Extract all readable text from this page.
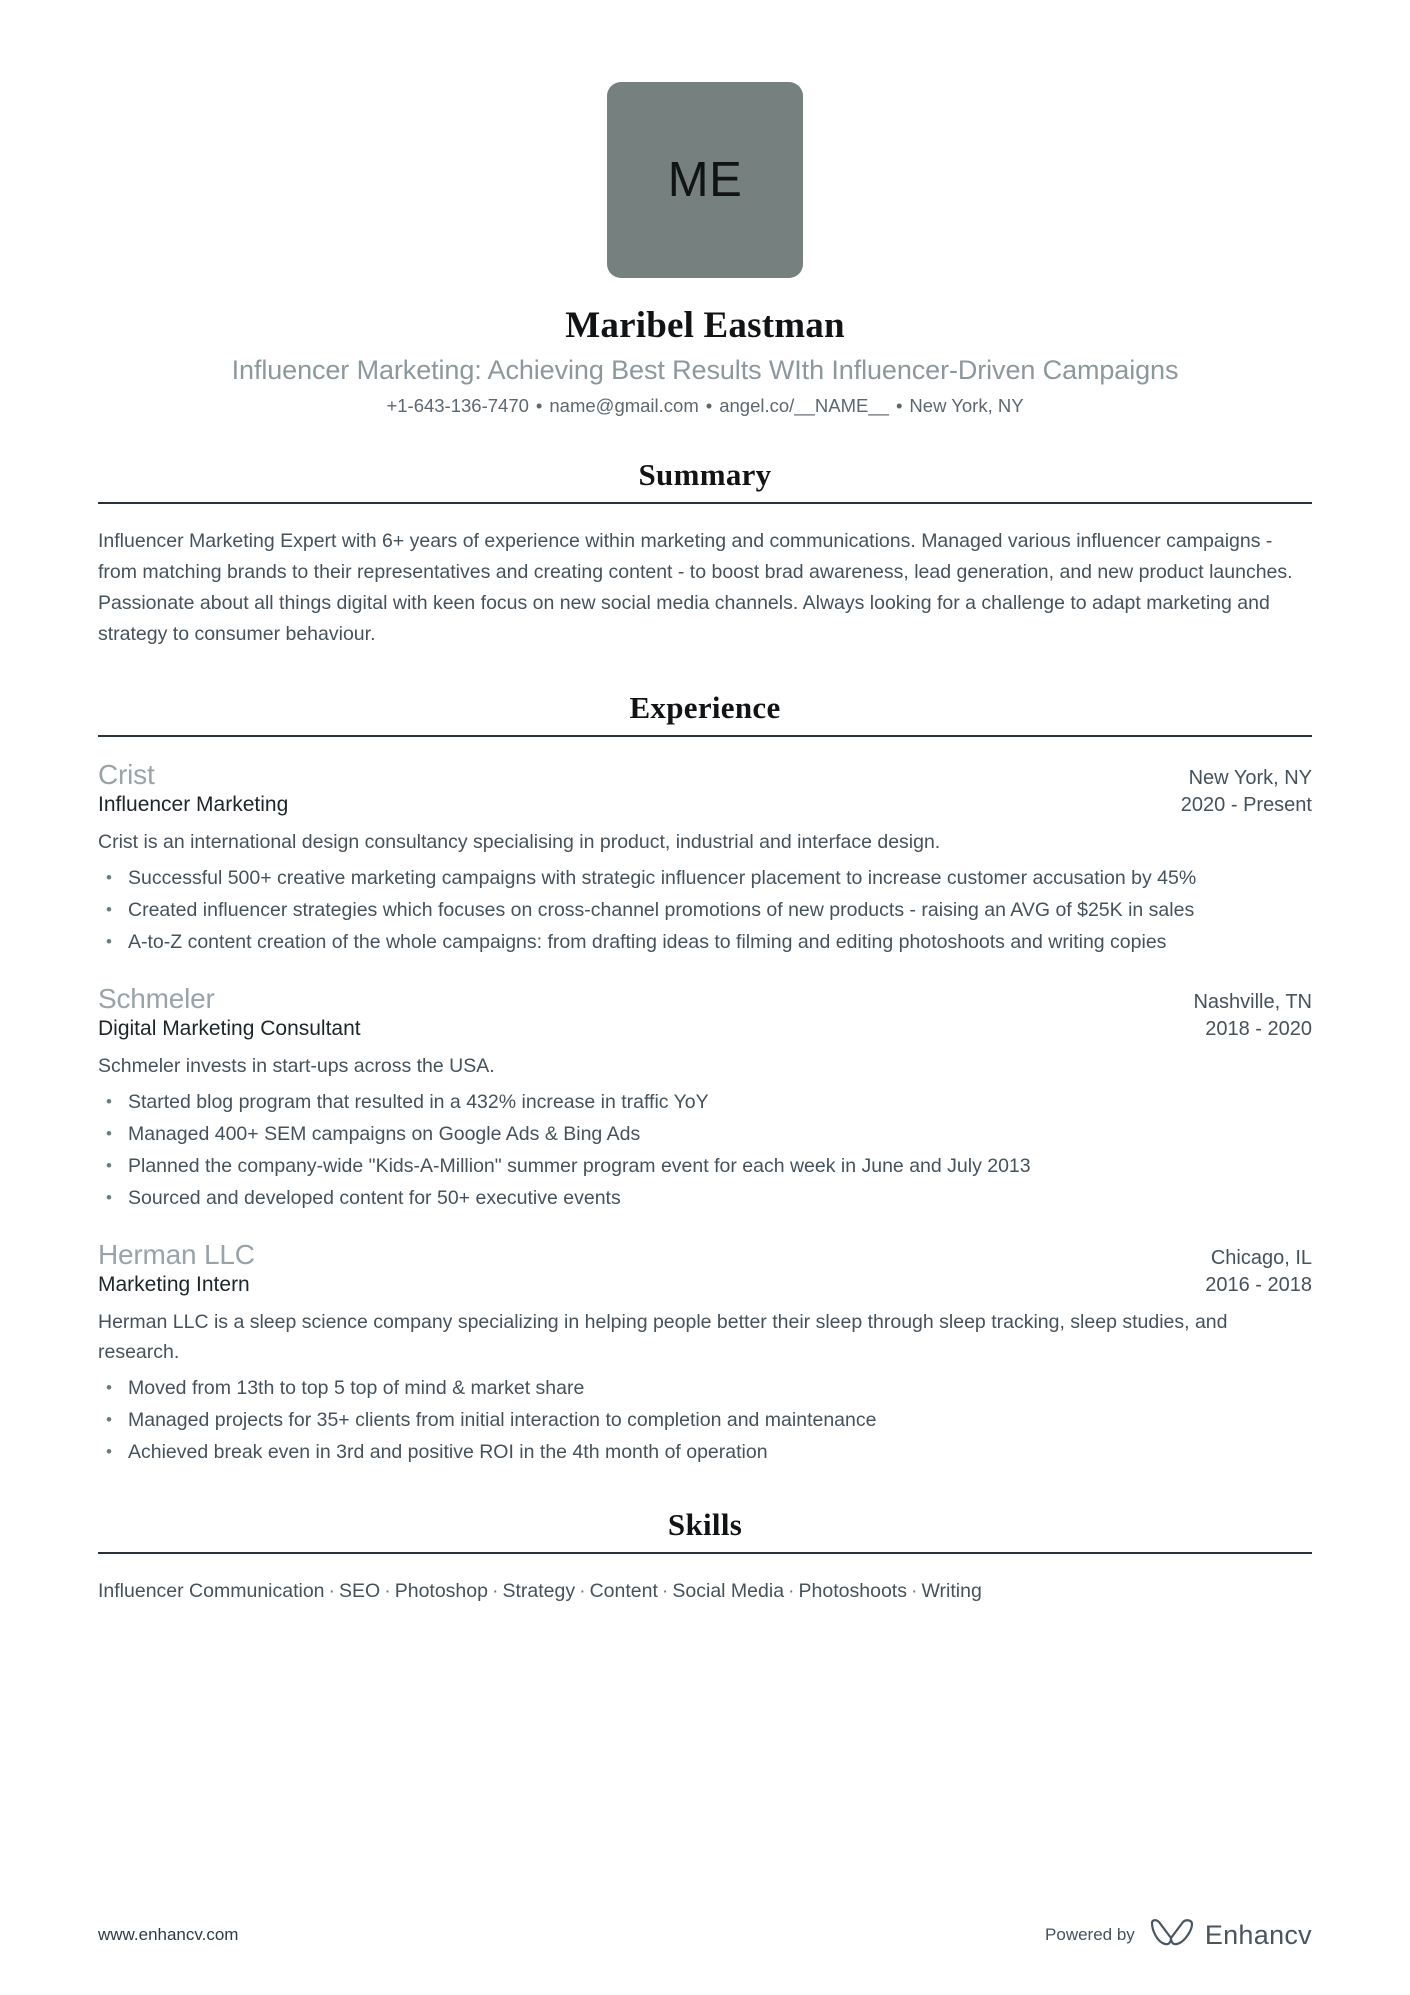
ME
Maribel Eastman
Influencer Marketing: Achieving Best Results WIth Influencer-Driven Campaigns
+1-643-136-7470 • name@gmail.com • angel.co/__NAME__ • New York, NY
Summary
Influencer Marketing Expert with 6+ years of experience within marketing and communications. Managed various influencer campaigns - from matching brands to their representatives and creating content - to boost brad awareness, lead generation, and new product launches. Passionate about all things digital with keen focus on new social media channels. Always looking for a challenge to adapt marketing and strategy to consumer behaviour.
Experience
Crist	New York, NY
Influencer Marketing	2020 - Present
Crist is an international design consultancy specialising in product, industrial and interface design.
• Successful 500+ creative marketing campaigns with strategic influencer placement to increase customer accusation by 45%
• Created influencer strategies which focuses on cross-channel promotions of new products - raising an AVG of $25K in sales
• A-to-Z content creation of the whole campaigns: from drafting ideas to filming and editing photoshoots and writing copies
Schmeler	Nashville, TN
Digital Marketing Consultant	2018 - 2020
Schmeler invests in start-ups across the USA.
• Started blog program that resulted in a 432% increase in traffic YoY
• Managed 400+ SEM campaigns on Google Ads & Bing Ads
• Planned the company-wide "Kids-A-Million" summer program event for each week in June and July 2013
• Sourced and developed content for 50+ executive events
Herman LLC	Chicago, IL
Marketing Intern	2016 - 2018
Herman LLC is a sleep science company specializing in helping people better their sleep through sleep tracking, sleep studies, and research.
• Moved from 13th to top 5 top of mind & market share
• Managed projects for 35+ clients from initial interaction to completion and maintenance
• Achieved break even in 3rd and positive ROI in the 4th month of operation
Skills
Influencer Communication · SEO · Photoshop · Strategy · Content · Social Media · Photoshoots · Writing
www.enhancv.com	Powered by	Enhancv
